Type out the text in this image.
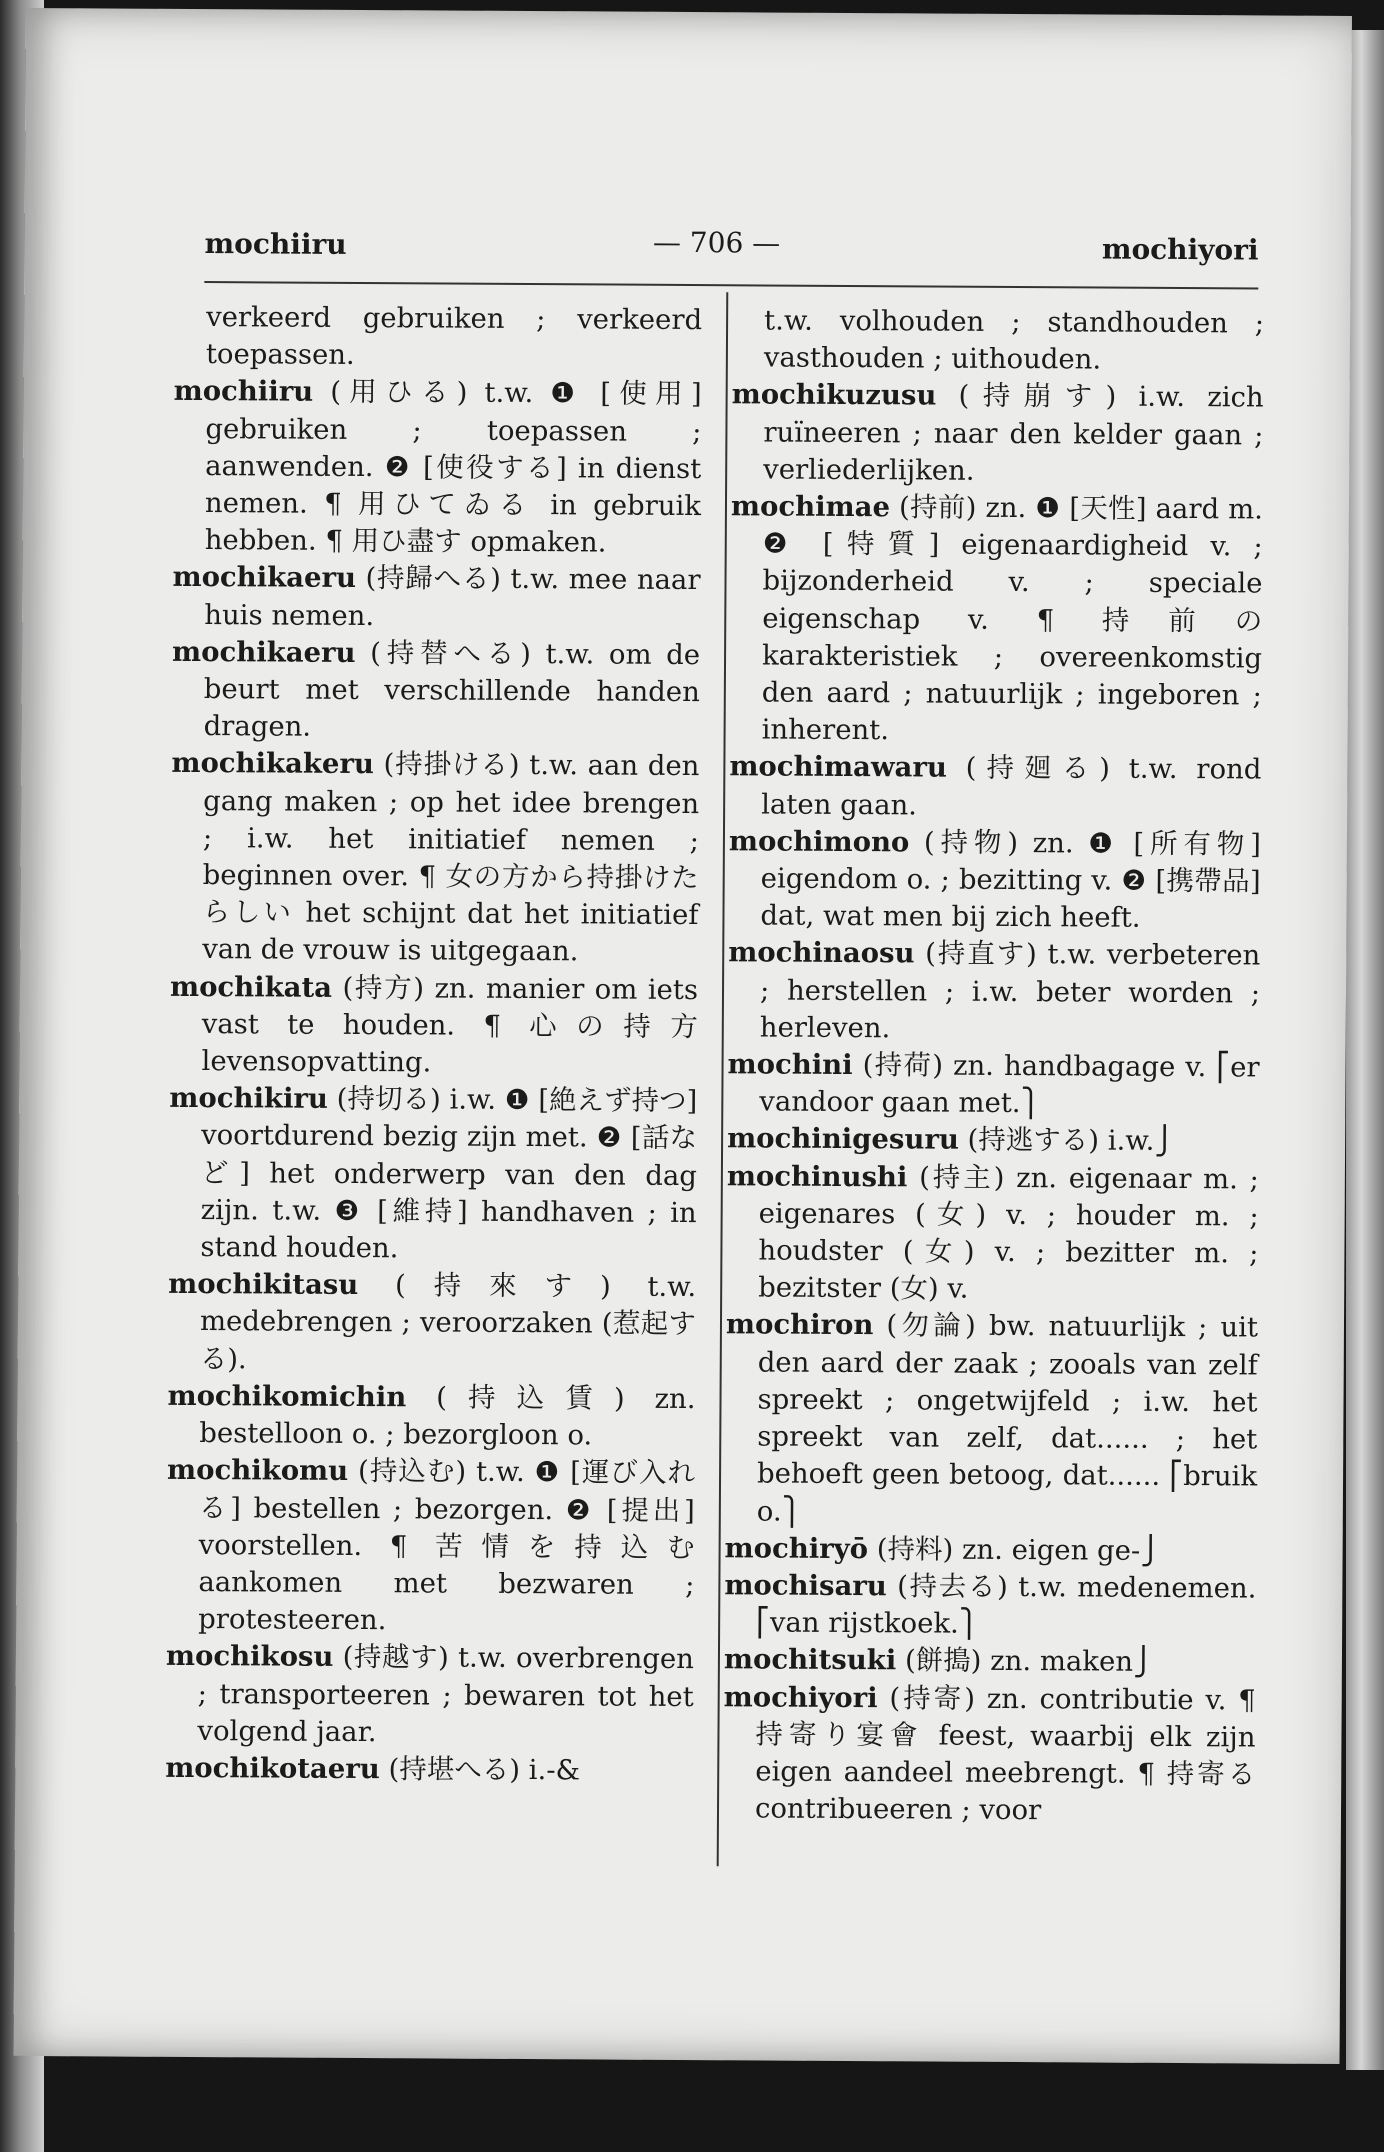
mochiiru	— 706 —	mochiyori

verkeerd gebruiken ; verkeerd toepassen.

mochiiru (用ひる) t.w. ❶ [使用] gebruiken ; toepassen ; aanwenden. ❷ [使役する] in dienst nemen. ¶ 用ひてゐる in gebruik hebben. ¶ 用ひ盡す opmaken.

mochikaeru (持歸へる) t.w. mee naar huis nemen.

mochikaeru (持替へる) t.w. om de beurt met verschillende handen dragen.

mochikakeru (持掛ける) t.w. aan den gang maken ; op het idee brengen ; i.w. het initiatief nemen ; beginnen over. ¶ 女の方から持掛けたらしい het schijnt dat het initiatief van de vrouw is uitgegaan.

mochikata (持方) zn. manier om iets vast te houden. ¶ 心の持方 levensopvatting.

mochikiru (持切る) i.w. ❶ [絶えず持つ] voortdurend bezig zijn met. ❷ [話など] het onderwerp van den dag zijn. t.w. ❸ [維持] handhaven ; in stand houden.

mochikitasu (持來す) t.w. medebrengen ; veroorzaken (惹起する).

mochikomichin (持込賃) zn. bestelloon o. ; bezorgloon o.

mochikomu (持込む) t.w. ❶ [運び入れる] bestellen ; bezorgen. ❷ [提出] voorstellen. ¶ 苦情を持込む aankomen met bezwaren ; protesteeren.

mochikosu (持越す) t.w. overbrengen ; transporteeren ; bewaren tot het volgend jaar.

mochikotaeru (持堪へる) i.-&

t.w. volhouden ; standhouden ; vasthouden ; uithouden.

mochikuzusu (持崩す) i.w. zich ruïneeren ; naar den kelder gaan ; verliederlijken.

mochimae (持前) zn. ❶ [天性] aard m. ❷ [特質] eigenaardigheid v. ; bijzonderheid v. ; speciale eigenschap v. ¶ 持前の karakteristiek ; overeenkomstig den aard ; natuurlijk ; ingeboren ; inherent.

mochimawaru (持廻る) t.w. rond laten gaan.

mochimono (持物) zn. ❶ [所有物] eigendom o. ; bezitting v. ❷ [携帶品] dat, wat men bij zich heeft.

mochinaosu (持直す) t.w. verbeteren ; herstellen ; i.w. beter worden ; herleven.

mochini (持荷) zn. handbagage v. ⎡er vandoor gaan met.⎫

mochinigesuru (持逃する) i.w.⎭

mochinushi (持主) zn. eigenaar m. ; eigenares (女) v. ; houder m. ; houdster (女) v. ; bezitter m. ; bezitster (女) v.

mochiron (勿論) bw. natuurlijk ; uit den aard der zaak ; zooals van zelf spreekt ; ongetwijfeld ; i.w. het spreekt van zelf, dat...... ; het behoeft geen betoog, dat...... ⎡bruik o.⎫

mochiryō (持料) zn. eigen ge-⎭

mochisaru (持去る) t.w. medenemen. ⎡van rijstkoek.⎫

mochitsuki (餅搗) zn. maken⎭

mochiyori (持寄) zn. contributie v. ¶ 持寄り宴會 feest, waarbij elk zijn eigen aandeel meebrengt. ¶ 持寄る contribueeren ; voor
